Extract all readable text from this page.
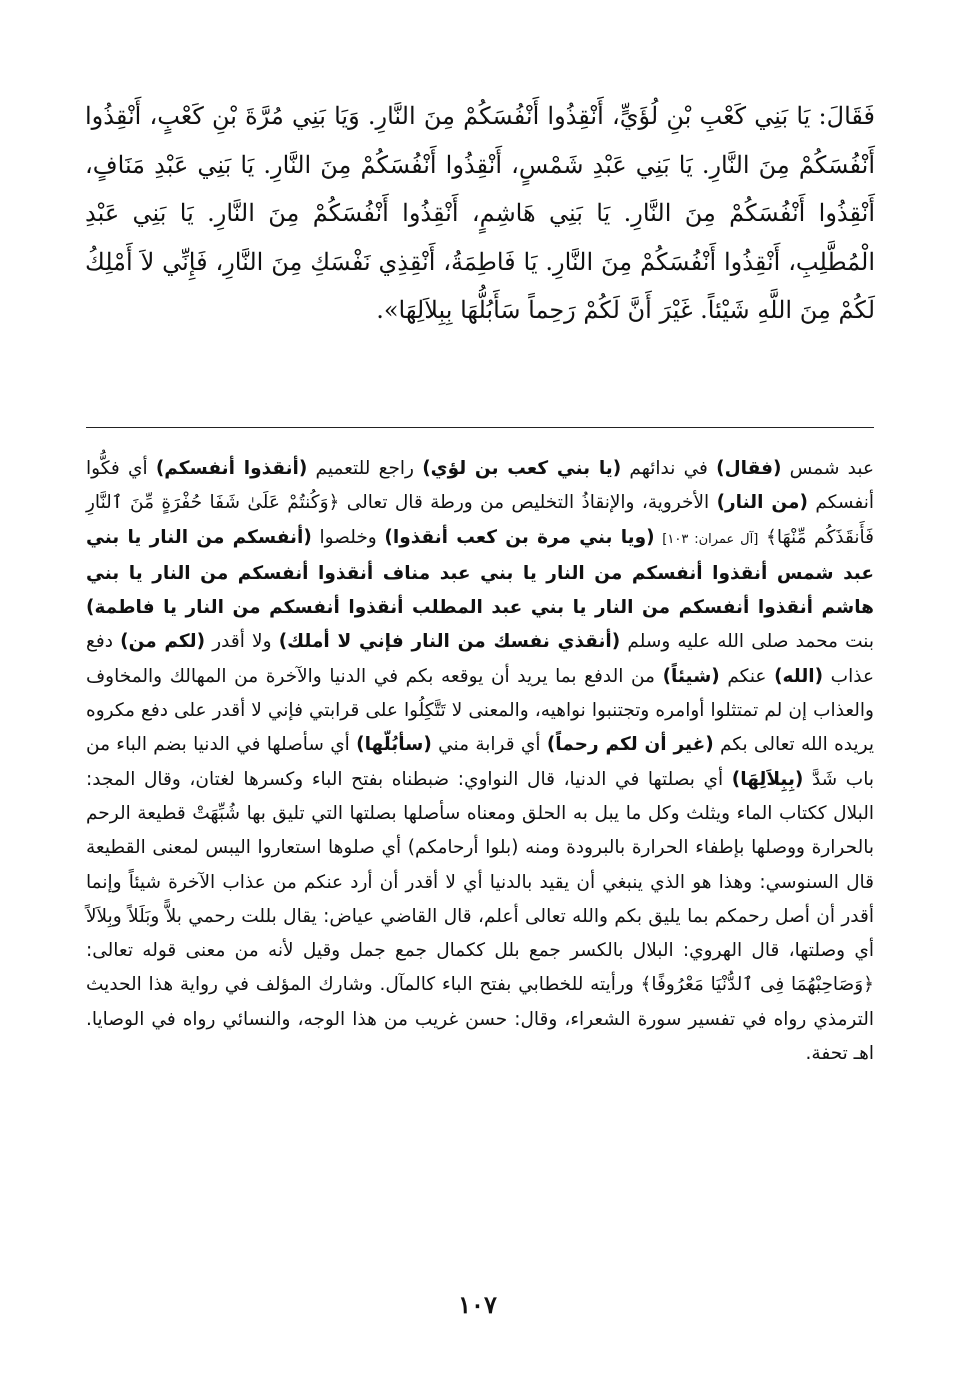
فَقَالَ: يَا بَنِي كَعْبِ بْنِ لُؤَيٍّ، أَنْقِذُوا أَنْفُسَكُمْ مِنَ النَّارِ. وَيَا بَنِي مُرَّةَ بْنِ كَعْبٍ، أَنْقِذُوا أَنْفُسَكُمْ مِنَ النَّارِ. يَا بَنِي عَبْدِ شَمْسٍ، أَنْقِذُوا أَنْفُسَكُمْ مِنَ النَّارِ. يَا بَنِي عَبْدِ مَنَافٍ، أَنْقِذُوا أَنْفُسَكُمْ مِنَ النَّارِ. يَا بَنِي هَاشِمٍ، أَنْقِذُوا أَنْفُسَكُمْ مِنَ النَّارِ. يَا بَنِي عَبْدِ الْمُطَّلِبِ، أَنْقِذُوا أَنْفُسَكُمْ مِنَ النَّارِ. يَا فَاطِمَةُ، أَنْقِذِي نَفْسَكِ مِنَ النَّارِ، فَإِنِّي لاَ أَمْلِكُ لَكُمْ مِنَ اللَّهِ شَيْئاً. غَيْرَ أَنَّ لَكُمْ رَحِماً سَأَبُلُّهَا بِبِلاَلِهَا».

عبد شمس (فقال) في ندائهم (يا بني كعب بن لؤي) راجع للتعميم (أنقذوا أنفسكم) أي فكُّوا أنفسكم (من النار) الأخروية، والإنقاذُ التخليص من ورطة قال تعالى ﴿وَكُنتُمْ عَلَىٰ شَفَا حُفْرَةٍ مِّنَ ٱلنَّارِ فَأَنقَذَكُم مِّنْهَا﴾ [آل عمران: ١٠٣] (ويا بني مرة بن كعب أنقذوا) وخلصوا (أنفسكم من النار يا بني عبد شمس أنقذوا أنفسكم من النار يا بني عبد مناف أنقذوا أنفسكم من النار يا بني هاشم أنقذوا أنفسكم من النار يا بني عبد المطلب أنقذوا أنفسكم من النار يا فاطمة) بنت محمد صلى الله عليه وسلم (أنقذي نفسك من النار فإني لا أملك) ولا أقدر (لكم من) دفع عذاب (الله) عنكم (شيئاً) من الدفع بما يريد أن يوقعه بكم في الدنيا والآخرة من المهالك والمخاوف والعذاب إن لم تمتثلوا أوامره وتجتنبوا نواهيه، والمعنى لا تَتَّكِلُوا على قرابتي فإني لا أقدر على دفع مكروه يريده الله تعالى بكم (غير أن لكم رحماً) أي قرابة مني (سأبُلّها) أي سأصلها في الدنيا بضم الباء من باب شَدَّ (بِبِلاَلِهَا) أي بصلتها في الدنيا، قال النواوي: ضبطناه بفتح الباء وكسرها لغتان، وقال المجد: البلال ككتاب الماء ويثلث وكل ما يبل به الحلق ومعناه سأصلها بصلتها التي تليق بها شُبِّهَتْ قطيعة الرحم بالحرارة ووصلها بإطفاء الحرارة بالبرودة ومنه (بلوا أرحامكم) أي صلوها استعاروا اليبس لمعنى القطيعة قال السنوسي: وهذا هو الذي ينبغي أن يقيد بالدنيا أي لا أقدر أن أرد عنكم من عذاب الآخرة شيئاً وإنما أقدر أن أصل رحمكم بما يليق بكم والله تعالى أعلم، قال القاضي عياض: يقال بللت رحمي بلاًّ وبَلَلاً وبِلاَلاً أي وصلتها، قال الهروي: البلال بالكسر جمع بلل ككمال جمع جمل وقيل لأنه من معنى قوله تعالى: ﴿وَصَاحِبْهُمَا فِى ٱلدُّنْيَا مَعْرُوفًا﴾ ورأيته للخطابي بفتح الباء كالمآل. وشارك المؤلف في رواية هذا الحديث الترمذي رواه في تفسير سورة الشعراء، وقال: حسن غريب من هذا الوجه، والنسائي رواه في الوصايا. اهـ تحفة.

١٠٧
